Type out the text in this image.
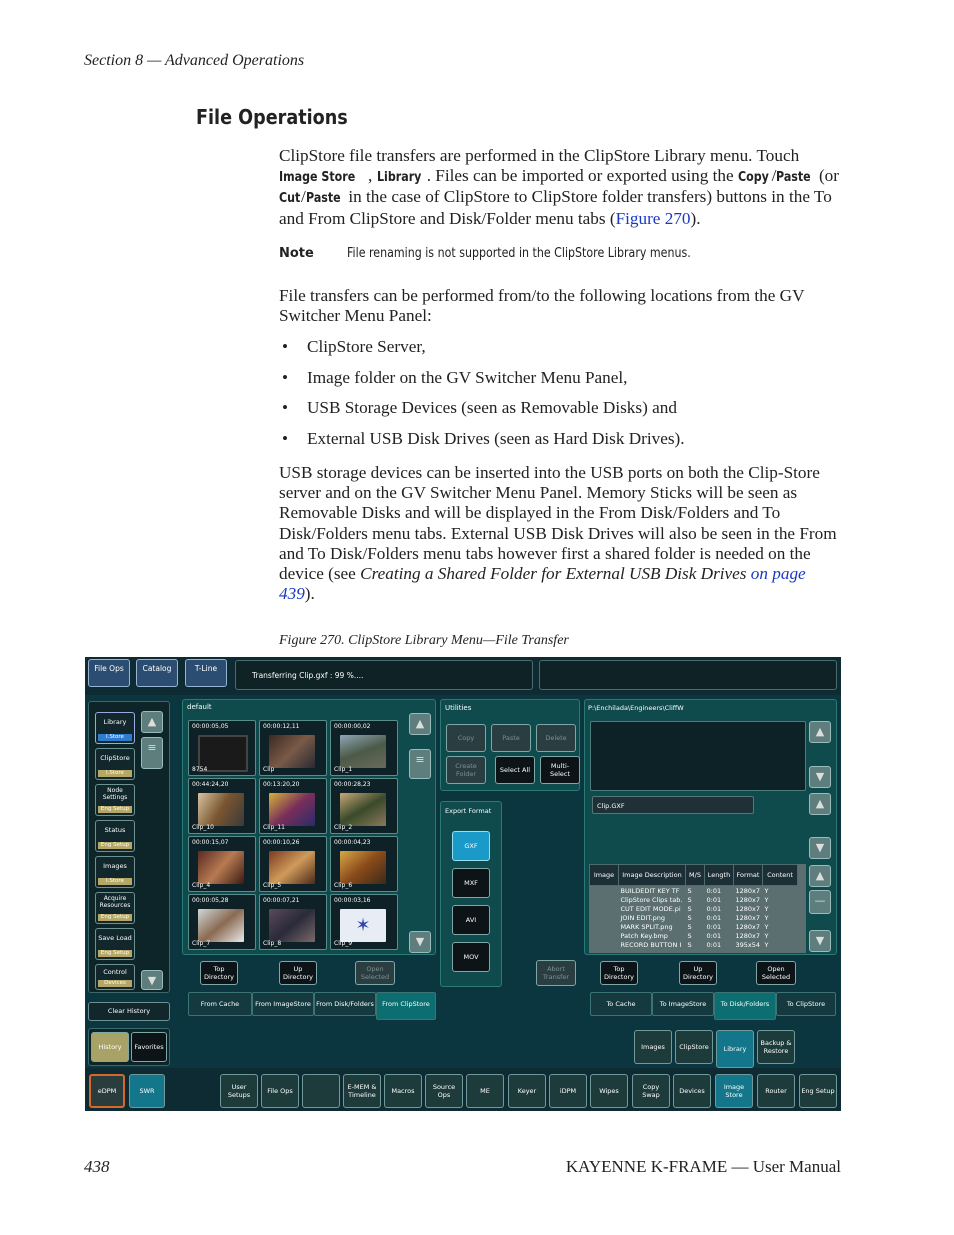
Section 8 — Advanced Operations
File Operations
ClipStore file transfers are performed in the ClipStore Library menu. Touch Image Store , Library . Files can be imported or exported using the Copy /Paste (or Cut/Paste in the case of ClipStore to ClipStore folder transfers) buttons in the To and From ClipStore and Disk/Folder menu tabs (Figure 270).
Note	File renaming is not supported in the ClipStore Library menus.
File transfers can be performed from/to the following locations from the GV Switcher Menu Panel:
• ClipStore Server,
• Image folder on the GV Switcher Menu Panel,
• USB Storage Devices (seen as Removable Disks) and
• External USB Disk Drives (seen as Hard Disk Drives).
USB storage devices can be inserted into the USB ports on both the Clip-Store server and on the GV Switcher Menu Panel. Memory Sticks will be seen as Removable Disks and will be displayed in the From Disk/Folders and To Disk/Folders menu tabs. External USB Disk Drives will also be seen in the From and To Disk/Folders menu tabs however first a shared folder is needed on the device (see Creating a Shared Folder for External USB Disk Drives on page 439).
Figure 270. ClipStore Library Menu—File Transfer
File Ops	Catalog	T-Line
Transferring Clip.gxf : 99 %....
Library
I.Store
ClipStore
I.Store
Node Settings
Eng Setup
Status
Eng Setup
Images
I.Store
Acquire Resources
Eng Setup
Save Load
Eng Setup
Control
Devices
▲
≡
▼
Clear History
History	Favorites
default
00:00:05,05
8754
00:00:12,11
Clip
00:00:00,02
Clip_1
00:44:24,20
Clip_10
00:13:20,20
Clip_11
00:00:28,23
Clip_2
00:00:15,07
Clip_4
00:00:10,26
Clip_5
00:00:04,23
Clip_6
00:00:05,28
Clip_7
00:00:07,21
Clip_8
00:00:03,16
✶
Clip_9
▲
≡
▼
Top Directory
Up Directory
Open Selected
Utilities
Copy	Paste	Delete
Create Folder	Select All	Multi-Select
Export Format
GXF
MXF
AVI
MOV
Abort Transfer
P:\Enchilada\Engineers\CliffW
▲
▼
Clip.GXF	▲
▼
Image	Image Description	M/S	Length	Format	Content
	BUILDEDIT KEY TF	S	0:01	1280x7	Y
	ClipStore Clips tab.	S	0:01	1280x7	Y
	CUT EDIT MODE.pi	S	0:01	1280x7	Y
	JOIN EDIT.png	S	0:01	1280x7	Y
	MARK SPLIT.png	S	0:01	1280x7	Y
	Patch Key.bmp	S	0:01	1280x7	Y
	RECORD BUTTON I	S	0:01	395x54	Y
▲
—
▼
Top Directory
Up Directory
Open Selected
From Cache	From ImageStore From Disk/Folders	From ClipStore	To Cache	To ImageStore	To Disk/Folders	To ClipStore
Images	ClipStore	Library
Backup & Restore
eDPM	SWR	User Setups	File Ops	E-MEM & Timeline	Macros	Source Ops	ME	Keyer	iDPM	Wipes	Copy Swap	Devices	Image Store	Router	Eng Setup
438	KAYENNE K-FRAME — User Manual
